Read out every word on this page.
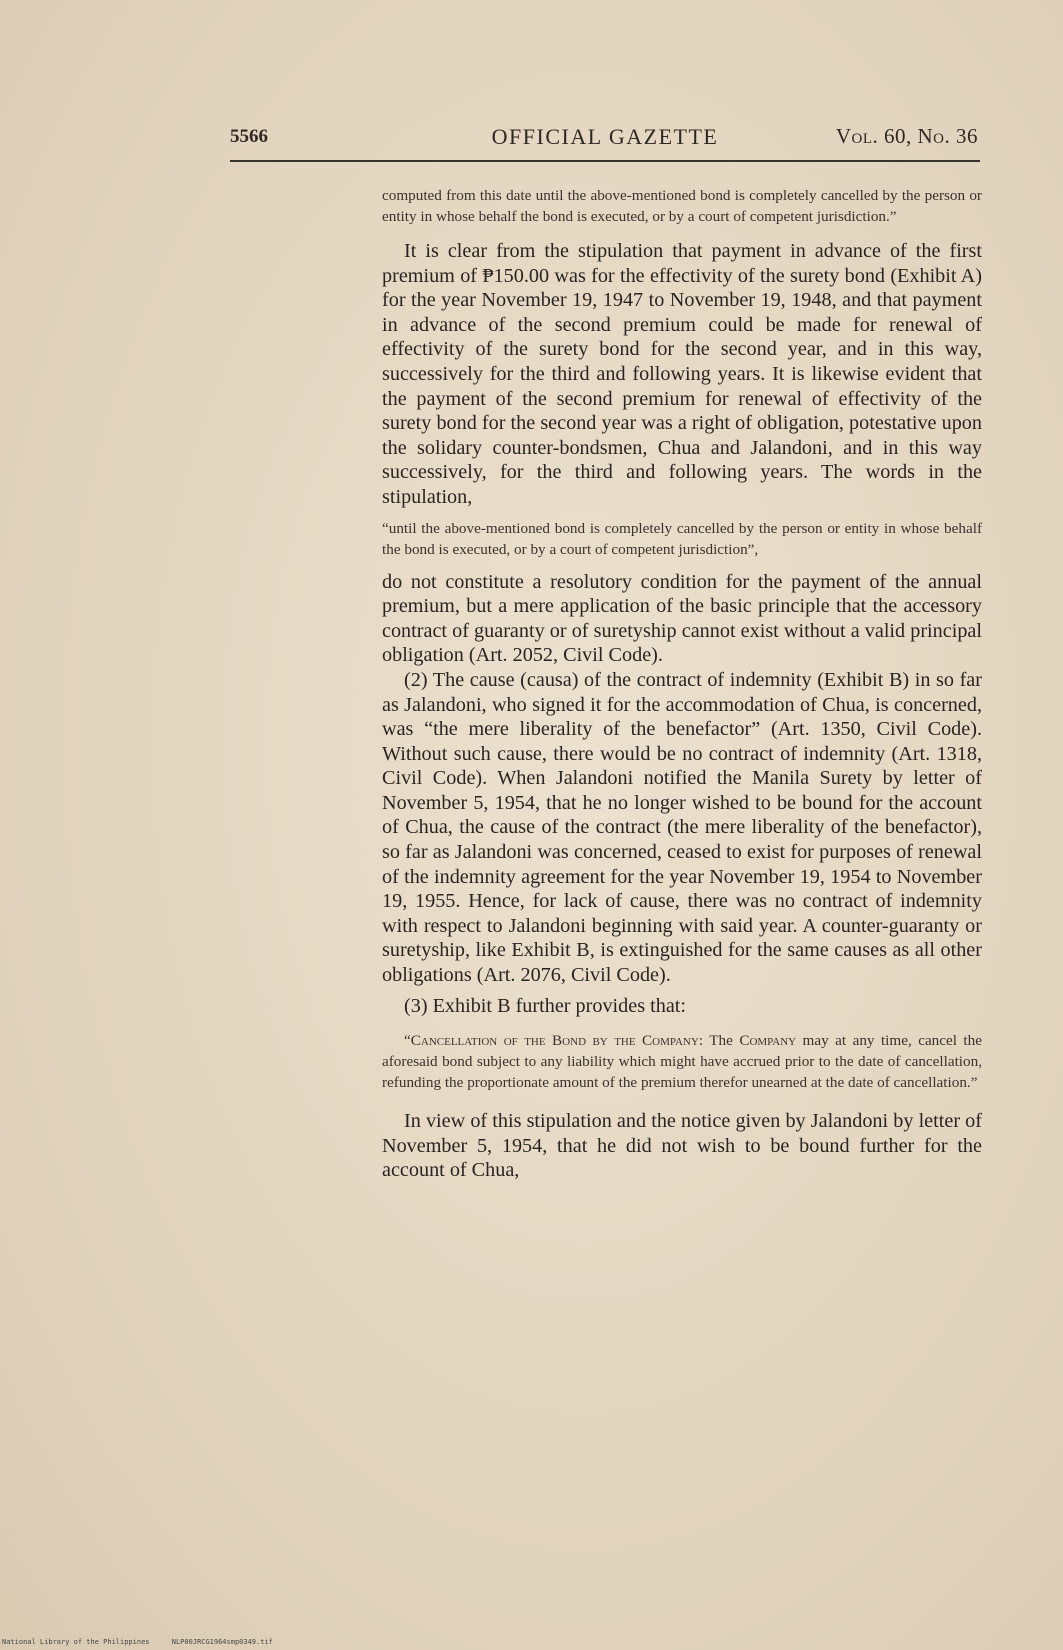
5566	OFFICIAL GAZETTE	Vol. 60, No. 36

computed from this date until the above-mentioned bond is completely cancelled by the person or entity in whose behalf the bond is executed, or by a court of competent jurisdiction.”

It is clear from the stipulation that payment in advance of the first premium of ₱150.00 was for the effectivity of the surety bond (Exhibit A) for the year November 19, 1947 to November 19, 1948, and that payment in advance of the second premium could be made for renewal of effectivity of the surety bond for the second year, and in this way, successively for the third and following years. It is likewise evident that the payment of the second premium for renewal of effectivity of the surety bond for the second year was a right of obligation, potestative upon the solidary counter-bondsmen, Chua and Jalandoni, and in this way successively, for the third and following years. The words in the stipulation,

“until the above-mentioned bond is completely cancelled by the person or entity in whose behalf the bond is executed, or by a court of competent jurisdiction”,

do not constitute a resolutory condition for the payment of the annual premium, but a mere application of the basic principle that the accessory contract of guaranty or of suretyship cannot exist without a valid principal obligation (Art. 2052, Civil Code).

(2) The cause (causa) of the contract of indemnity (Exhibit B) in so far as Jalandoni, who signed it for the accommodation of Chua, is concerned, was “the mere liberality of the benefactor” (Art. 1350, Civil Code). Without such cause, there would be no contract of indemnity (Art. 1318, Civil Code). When Jalandoni notified the Manila Surety by letter of November 5, 1954, that he no longer wished to be bound for the account of Chua, the cause of the contract (the mere liberality of the benefactor), so far as Jalandoni was concerned, ceased to exist for purposes of renewal of the indemnity agreement for the year November 19, 1954 to November 19, 1955. Hence, for lack of cause, there was no contract of indemnity with respect to Jalandoni beginning with said year. A counter-guaranty or suretyship, like Exhibit B, is extinguished for the same causes as all other obligations (Art. 2076, Civil Code).

(3) Exhibit B further provides that:

“Cancellation of the Bond by the Company: The Company may at any time, cancel the aforesaid bond subject to any liability which might have accrued prior to the date of cancellation, refunding the proportionate amount of the premium therefor unearned at the date of cancellation.”

In view of this stipulation and the notice given by Jalandoni by letter of November 5, 1954, that he did not wish to be bound further for the account of Chua,

National Library of the Philippines	NLP00JRCG1964smp0349.tif
